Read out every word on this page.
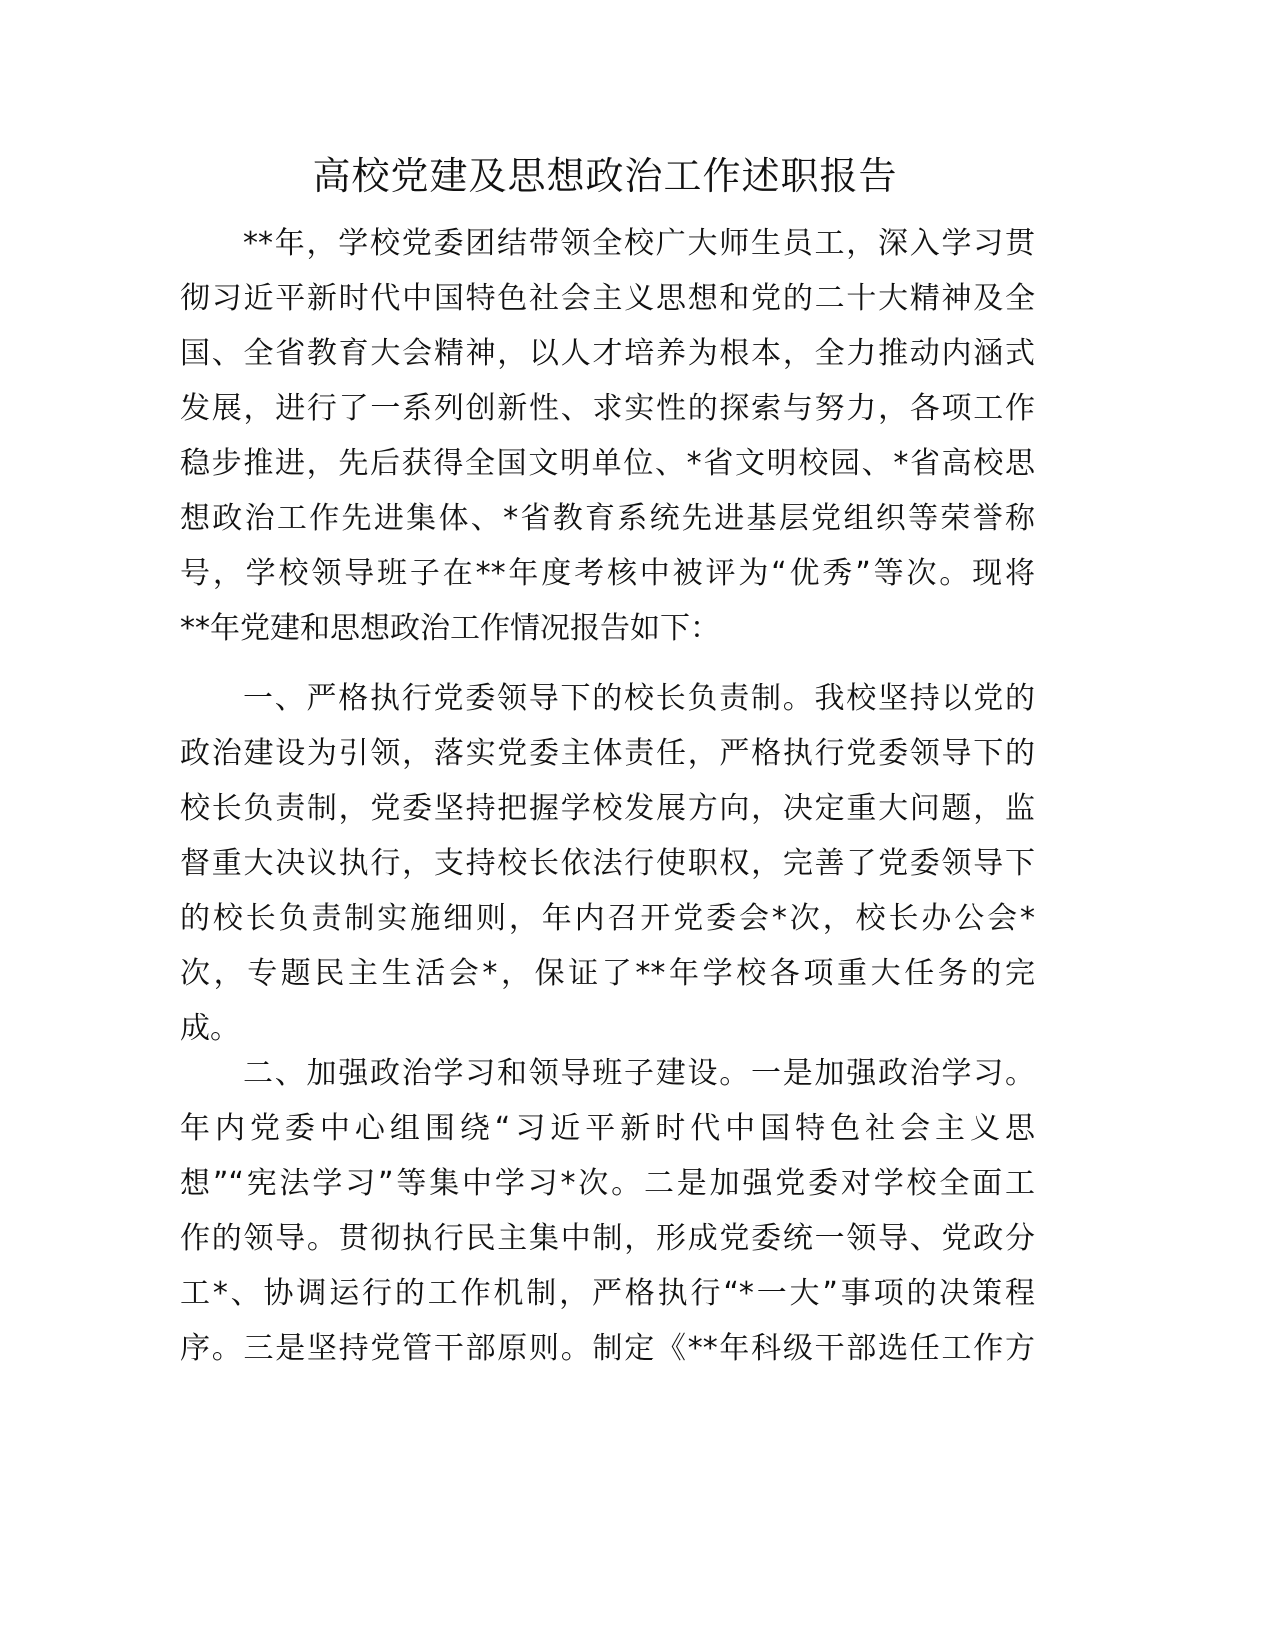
高校党建及思想政治工作述职报告
**年，学校党委团结带领全校广大师生员工，深入学习贯
彻习近平新时代中国特色社会主义思想和党的二十大精神及全
国、全省教育大会精神，以人才培养为根本，全力推动内涵式
发展，进行了一系列创新性、求实性的探索与努力，各项工作
稳步推进，先后获得全国文明单位、*省文明校园、*省高校思
想政治工作先进集体、*省教育系统先进基层党组织等荣誉称
号，学校领导班子在**年度考核中被评为“优秀”等次。现将
**年党建和思想政治工作情况报告如下：
一、严格执行党委领导下的校长负责制。我校坚持以党的
政治建设为引领，落实党委主体责任，严格执行党委领导下的
校长负责制，党委坚持把握学校发展方向，决定重大问题，监
督重大决议执行，支持校长依法行使职权，完善了党委领导下
的校长负责制实施细则，年内召开党委会*次，校长办公会*
次，专题民主生活会*，保证了**年学校各项重大任务的完
成。
二、加强政治学习和领导班子建设。一是加强政治学习。
年内党委中心组围绕“习近平新时代中国特色社会主义思
想”“宪法学习”等集中学习*次。二是加强党委对学校全面工
作的领导。贯彻执行民主集中制，形成党委统一领导、党政分
工*、协调运行的工作机制，严格执行“*一大”事项的决策程
序。三是坚持党管干部原则。制定《**年科级干部选任工作方
